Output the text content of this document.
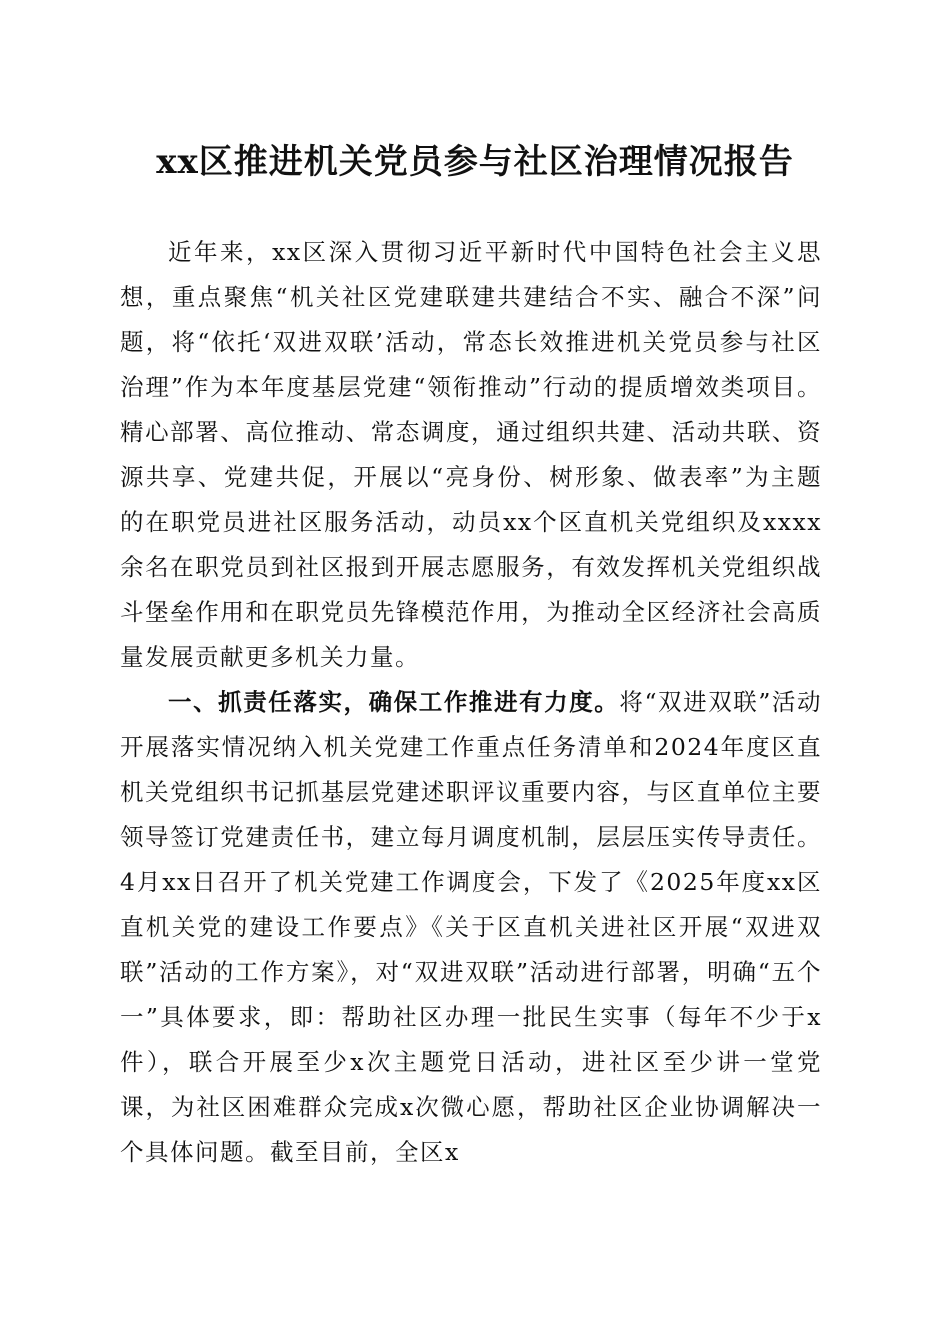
xx区推进机关党员参与社区治理情况报告

近年来，xx区深入贯彻习近平新时代中国特色社会主义思想，重点聚焦“机关社区党建联建共建结合不实、融合不深”问题，将“依托‘双进双联’活动，常态长效推进机关党员参与社区治理”作为本年度基层党建“领衔推动”行动的提质增效类项目。精心部署、高位推动、常态调度，通过组织共建、活动共联、资源共享、党建共促，开展以“亮身份、树形象、做表率”为主题的在职党员进社区服务活动，动员xx个区直机关党组织及xxxx余名在职党员到社区报到开展志愿服务，有效发挥机关党组织战斗堡垒作用和在职党员先锋模范作用，为推动全区经济社会高质量发展贡献更多机关力量。

一、抓责任落实，确保工作推进有力度。将“双进双联”活动开展落实情况纳入机关党建工作重点任务清单和2024年度区直机关党组织书记抓基层党建述职评议重要内容，与区直单位主要领导签订党建责任书，建立每月调度机制，层层压实传导责任。4月xx日召开了机关党建工作调度会，下发了《2025年度xx区直机关党的建设工作要点》《关于区直机关进社区开展“双进双联”活动的工作方案》，对“双进双联”活动进行部署，明确“五个一”具体要求，即：帮助社区办理一批民生实事（每年不少于x件），联合开展至少x次主题党日活动，进社区至少讲一堂党课，为社区困难群众完成x次微心愿，帮助社区企业协调解决一个具体问题。截至目前，全区x
